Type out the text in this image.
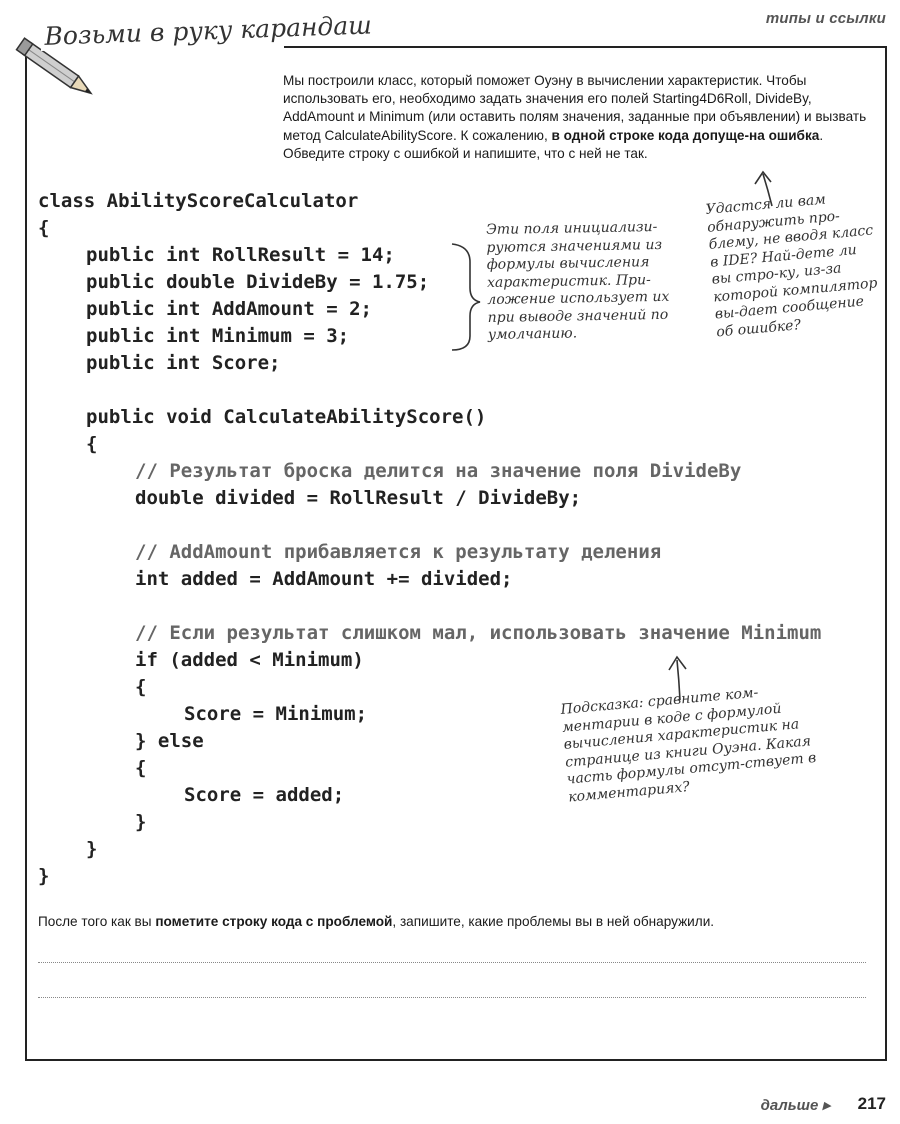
типы и ссылки
Возьми в руку карандаш
Мы построили класс, который поможет Оуэну в вычислении характеристик. Чтобы использовать его, необходимо задать значения его полей Starting4D6Roll, DivideBy, AddAmount и Minimum (или оставить полям значения, заданные при объявлении) и вызвать метод CalculateAbilityScore. К сожалению, в одной строке кода допуще-на ошибка. Обведите строку с ошибкой и напишите, что с ней не так.
class AbilityScoreCalculator
{
public int RollResult = 14;
public double DivideBy = 1.75;
public int AddAmount = 2;
public int Minimum = 3;
public int Score;
public void CalculateAbilityScore()
{
// Результат броска делится на значение поля DivideBy
double divided = RollResult / DivideBy;
// AddAmount прибавляется к результату деления
int added = AddAmount += divided;
// Если результат слишком мал, использовать значение Minimum
if (added < Minimum)
{
Score = Minimum;
} else
{
Score = added;
}
}
}
Эти поля инициализи-руются значениями из формулы вычисления характеристик. При-ложение использует их при выводе значений по умолчанию.
Удастся ли вам обнаружить про-блему, не вводя класс в IDE? Най-дете ли вы стро-ку, из-за которой компилятор вы-дает сообщение об ошибке?
Подсказка: сравните ком-ментарии в коде с формулой вычисления характеристик на странице из книги Оуэна. Какая часть формулы отсут-ствует в комментариях?
После того как вы пометите строку кода с проблемой, запишите, какие проблемы вы в ней обнаружили.
дальше ▸ 217
